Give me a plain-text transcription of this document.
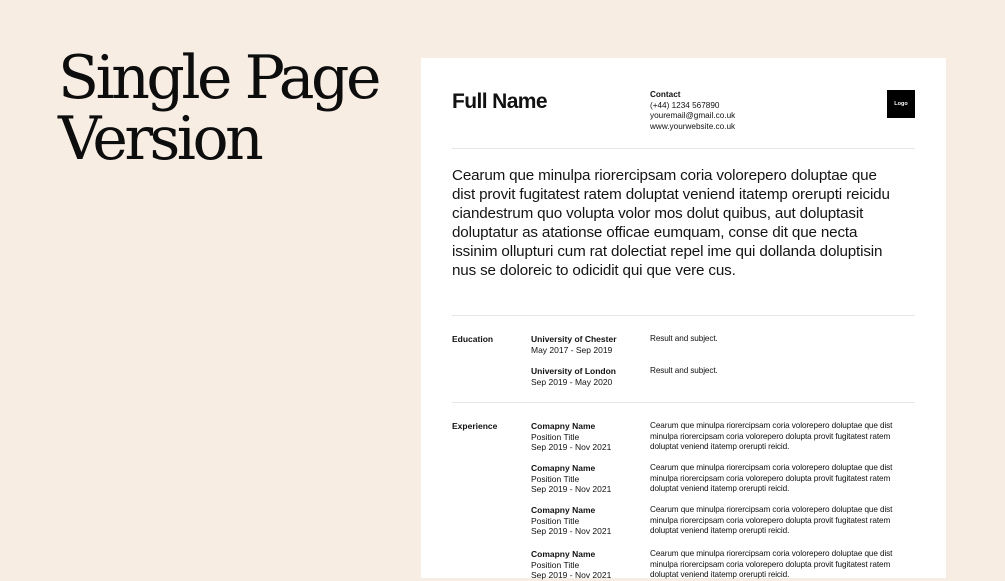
Single Page
Version
Full Name	Contact
(+44) 1234 567890
youremail@gmail.co.uk
www.yourwebsite.co.uk
Logo

Cearum que minulpa riorercipsam coria volorepero doluptae que dist provit fugitatest ratem doluptat veniend itatemp orerupti reicidu ciandestrum quo volupta volor mos dolut quibus, aut doluptasit doluptatur as atationse officae eumquam, conse dit que necta issinim ollupturi cum rat dolectiat repel ime qui dollanda doluptisin nus se doloreic to odicidit qui que vere cus.

Education	University of Chester
May 2017 - Sep 2019
Result and subject.
University of London
Sep 2019 - May 2020
Result and subject.
Experience	Comapny Name
Position Title
Sep 2019 - Nov 2021
Cearum que minulpa riorercipsam coria volorepero doluptae que dist minulpa riorercipsam coria volorepero dolupta provit fugitatest ratem doluptat veniend itatemp orerupti reicid.
Comapny Name
Position Title
Sep 2019 - Nov 2021
Cearum que minulpa riorercipsam coria volorepero doluptae que dist minulpa riorercipsam coria volorepero dolupta provit fugitatest ratem doluptat veniend itatemp orerupti reicid.
Comapny Name
Position Title
Sep 2019 - Nov 2021
Cearum que minulpa riorercipsam coria volorepero doluptae que dist minulpa riorercipsam coria volorepero dolupta provit fugitatest ratem doluptat veniend itatemp orerupti reicid.
Comapny Name
Position Title
Sep 2019 - Nov 2021
Cearum que minulpa riorercipsam coria volorepero doluptae que dist minulpa riorercipsam coria volorepero dolupta provit fugitatest ratem doluptat veniend itatemp orerupti reicid.
